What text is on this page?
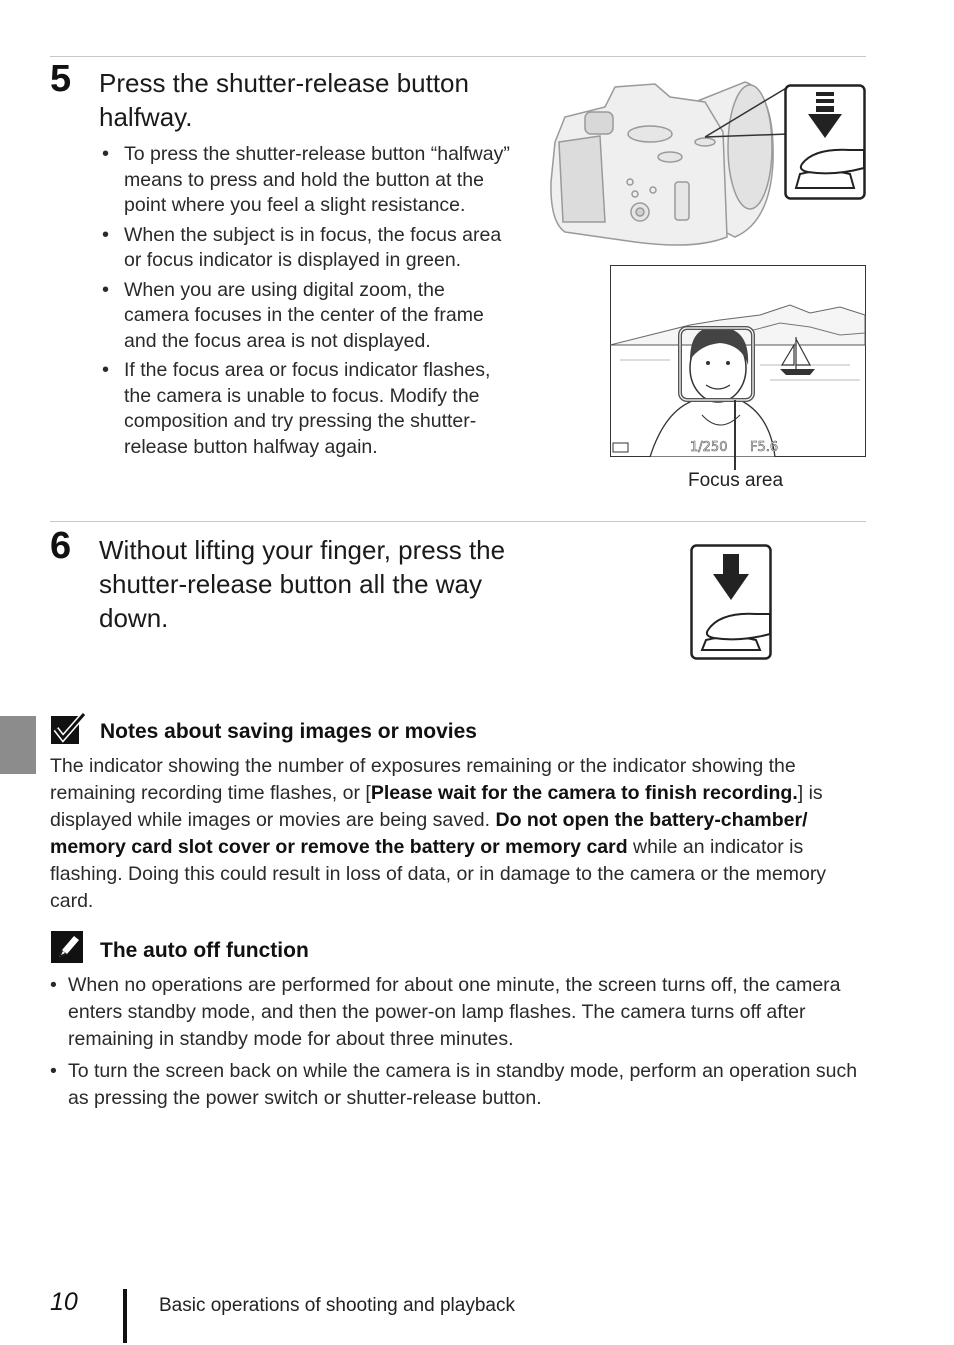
5 Press the shutter-release button
halfway.
• To press the shutter-release button “halfway” means to press and hold the button at the point where you feel a slight resistance.
• When the subject is in focus, the focus area or focus indicator is displayed in green.
• When you are using digital zoom, the camera focuses in the center of the frame and the focus area is not displayed.
• If the focus area or focus indicator flashes, the camera is unable to focus. Modify the composition and try pressing the shutter-release button halfway again.	1/250 F5.6
Focus area
6 Without lifting your finger, press the
shutter-release button all the way
down.
Notes about saving images or movies

The indicator showing the number of exposures remaining or the indicator showing the remaining recording time flashes, or [Please wait for the camera to finish recording.] is displayed while images or movies are being saved. Do not open the battery-chamber/ memory card slot cover or remove the battery or memory card while an indicator is flashing. Doing this could result in loss of data, or in damage to the camera or the memory card.

The auto off function
• When no operations are performed for about one minute, the screen turns off, the camera enters standby mode, and then the power-on lamp flashes. The camera turns off after remaining in standby mode for about three minutes.
• To turn the screen back on while the camera is in standby mode, perform an operation such as pressing the power switch or shutter-release button.
10	Basic operations of shooting and playback
